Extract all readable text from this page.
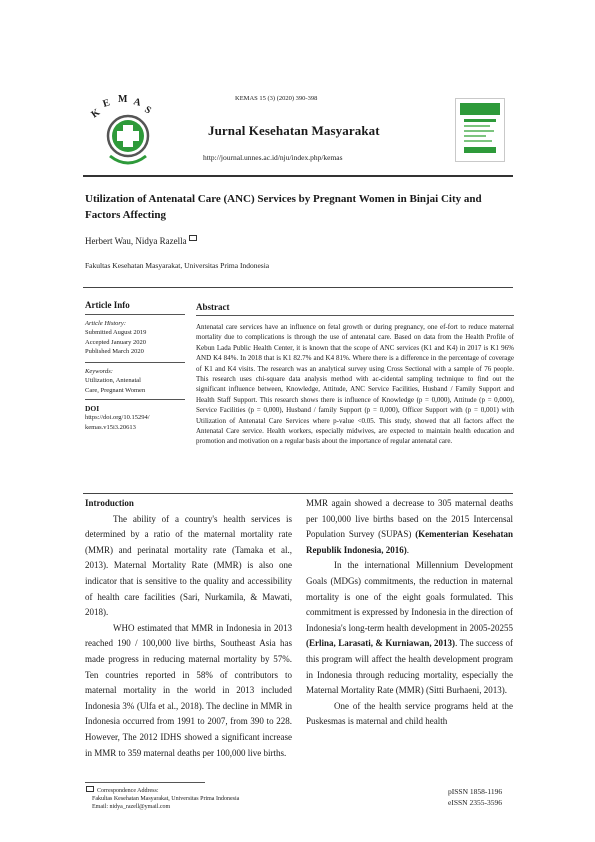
K
E M A
S
KEMAS 15 (3) (2020) 390-398
Jurnal Kesehatan Masyarakat
http://journal.unnes.ac.id/nju/index.php/kemas
Utilization of Antenatal Care (ANC) Services by Pregnant Women in Binjai City and Factors Affecting
Herbert Wau, Nidya Razella
Fakultas Kesehatan Masyarakat, Universitas Prima Indonesia
Article Info
Article History:
Submitted August 2019
Accepted January 2020
Published March 2020
Keywords:
Utilization, Antenatal
Care, Pregnant Women
DOI
https://doi.org/10.15294/
kemas.v15i3.20613
Abstract
Antenatal care services have an influence on fetal growth or during pregnancy, one ef-fort to reduce maternal mortality due to complications is through the use of antenatal care. Based on data from the Health Profile of Kebun Lada Public Health Center, it is known that the scope of ANC services (K1 and K4) in 2017 is K1 96% AND K4 84%. In 2018 that is K1 82.7% and K4 81%. Where there is a difference in the percentage of coverage of K1 and K4 visits. The research was an analytical survey using Cross Sectional with a sample of 76 people. This research uses chi-square data analysis method with ac-cidental sampling technique to find out the significant influence between, Knowledge, Attitude, ANC Service Facilities, Husband / Family Support and Health Staff Support. This research shows there is influence of Knowledge (p = 0,000), Attitude (p = 0,000), Service Facilities (p = 0,000), Husband / family Support (p = 0,000), Officer Support with (p = 0,001) with Utilization of Antenatal Care Services where p-value <0.05. This study, showed that all factors affect the Antenatal Care service. Health workers, especially midwives, are expected to maintain health education and promotion and motivation on a regular basis about the importance of regular antenatal care.

Introduction

The ability of a country's health services is determined by a ratio of the maternal mortality rate (MMR) and perinatal mortality rate (Tamaka et al., 2013). Maternal Mortality Rate (MMR) is also one indicator that is sensitive to the quality and accessibility of health care facilities (Sari, Nurkamila, & Mawati, 2018).

WHO estimated that MMR in Indonesia in 2013 reached 190 / 100,000 live births, Southeast Asia has made progress in reducing maternal mortality by 57%. Ten countries reported in 58% of contributors to maternal mortality in the world in 2013 included Indonesia 3% (Ulfa et al., 2018). The decline in MMR in Indonesia occurred from 1991 to 2007, from 390 to 228. However, The 2012 IDHS showed a significant increase in MMR to 359 maternal deaths per 100,000 live births.

MMR again showed a decrease to 305 maternal deaths per 100,000 live births based on the 2015 Intercensal Population Survey (SUPAS) (Kementerian Kesehatan Republik Indonesia, 2016).

In the international Millennium Development Goals (MDGs) commitments, the reduction in maternal mortality is one of the eight goals formulated. This commitment is expressed by Indonesia in the direction of Indonesia's long-term health development in 2005-20255 (Erlina, Larasati, & Kurniawan, 2013). The success of this program will affect the health development program in Indonesia through reducing mortality, especially the Maternal Mortality Rate (MMR) (Sitti Burhaeni, 2013).

One of the health service programs held at the Puskesmas is maternal and child health

Correspondence Address:
Fakultas Kesehatan Masyarakat, Universitas Prima Indonesia
Email: nidya_razell@ymail.com
pISSN 1858-1196
eISSN 2355-3596
